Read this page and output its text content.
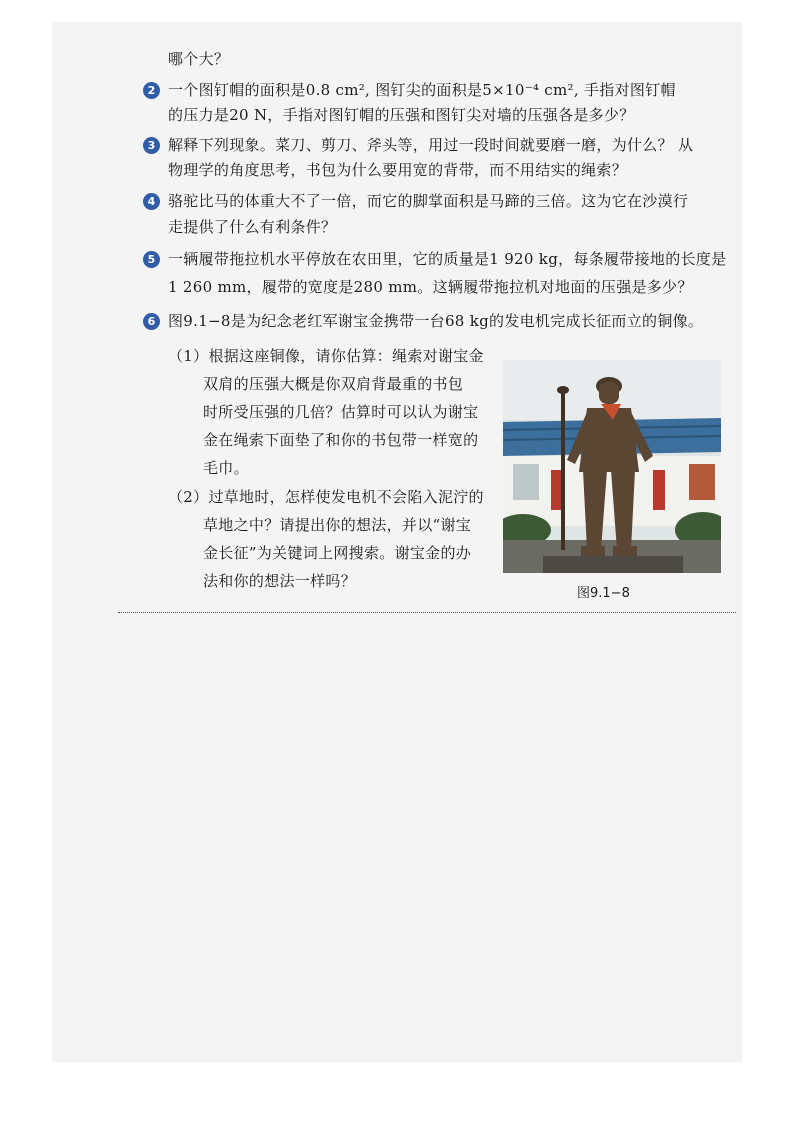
哪个大？
2 一个图钉帽的面积是0.8 cm², 图钉尖的面积是5×10⁻⁴ cm², 手指对图钉帽
的压力是20 N，手指对图钉帽的压强和图钉尖对墙的压强各是多少？
3 解释下列现象。菜刀、剪刀、斧头等，用过一段时间就要磨一磨，为什么？ 从
物理学的角度思考，书包为什么要用宽的背带，而不用结实的绳索？
4 骆驼比马的体重大不了一倍，而它的脚掌面积是马蹄的三倍。这为它在沙漠行
走提供了什么有利条件？
5 一辆履带拖拉机水平停放在农田里，它的质量是1 920 kg，每条履带接地的长度是
1 260 mm，履带的宽度是280 mm。这辆履带拖拉机对地面的压强是多少？
6 图9.1−8是为纪念老红军谢宝金携带一台68 kg的发电机完成长征而立的铜像。
（1）根据这座铜像，请你估算：绳索对谢宝金
双肩的压强大概是你双肩背最重的书包
时所受压强的几倍？估算时可以认为谢宝
金在绳索下面垫了和你的书包带一样宽的
毛巾。
（2）过草地时，怎样使发电机不会陷入泥泞的
草地之中？请提出你的想法，并以“谢宝
金长征”为关键词上网搜索。谢宝金的办
法和你的想法一样吗？
图9.1−8
